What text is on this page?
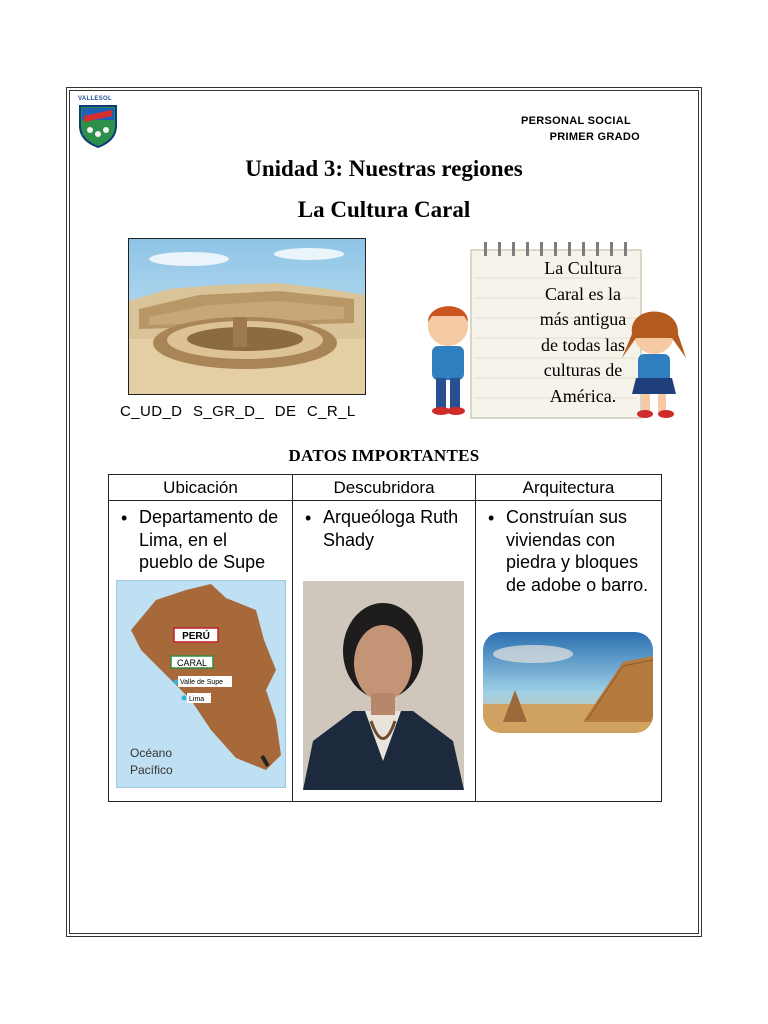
VALLESOL
PERSONAL SOCIAL
PRIMER GRADO
Unidad 3: Nuestras regiones
La Cultura Caral
C_UD_D S_GR_D_ DE C_R_L
La Cultura
Caral es la
más antigua
de todas las
culturas de
América.
DATOS IMPORTANTES
Ubicación	Descubridora	Arquitectura

• Departamento de Lima, en el pueblo de Supe	• Arqueóloga Ruth Shady	• Construían sus viviendas con piedra y bloques de adobe o barro.
PERÚ
CARAL
Valle de Supe
Lima
Océano
Pacífico
